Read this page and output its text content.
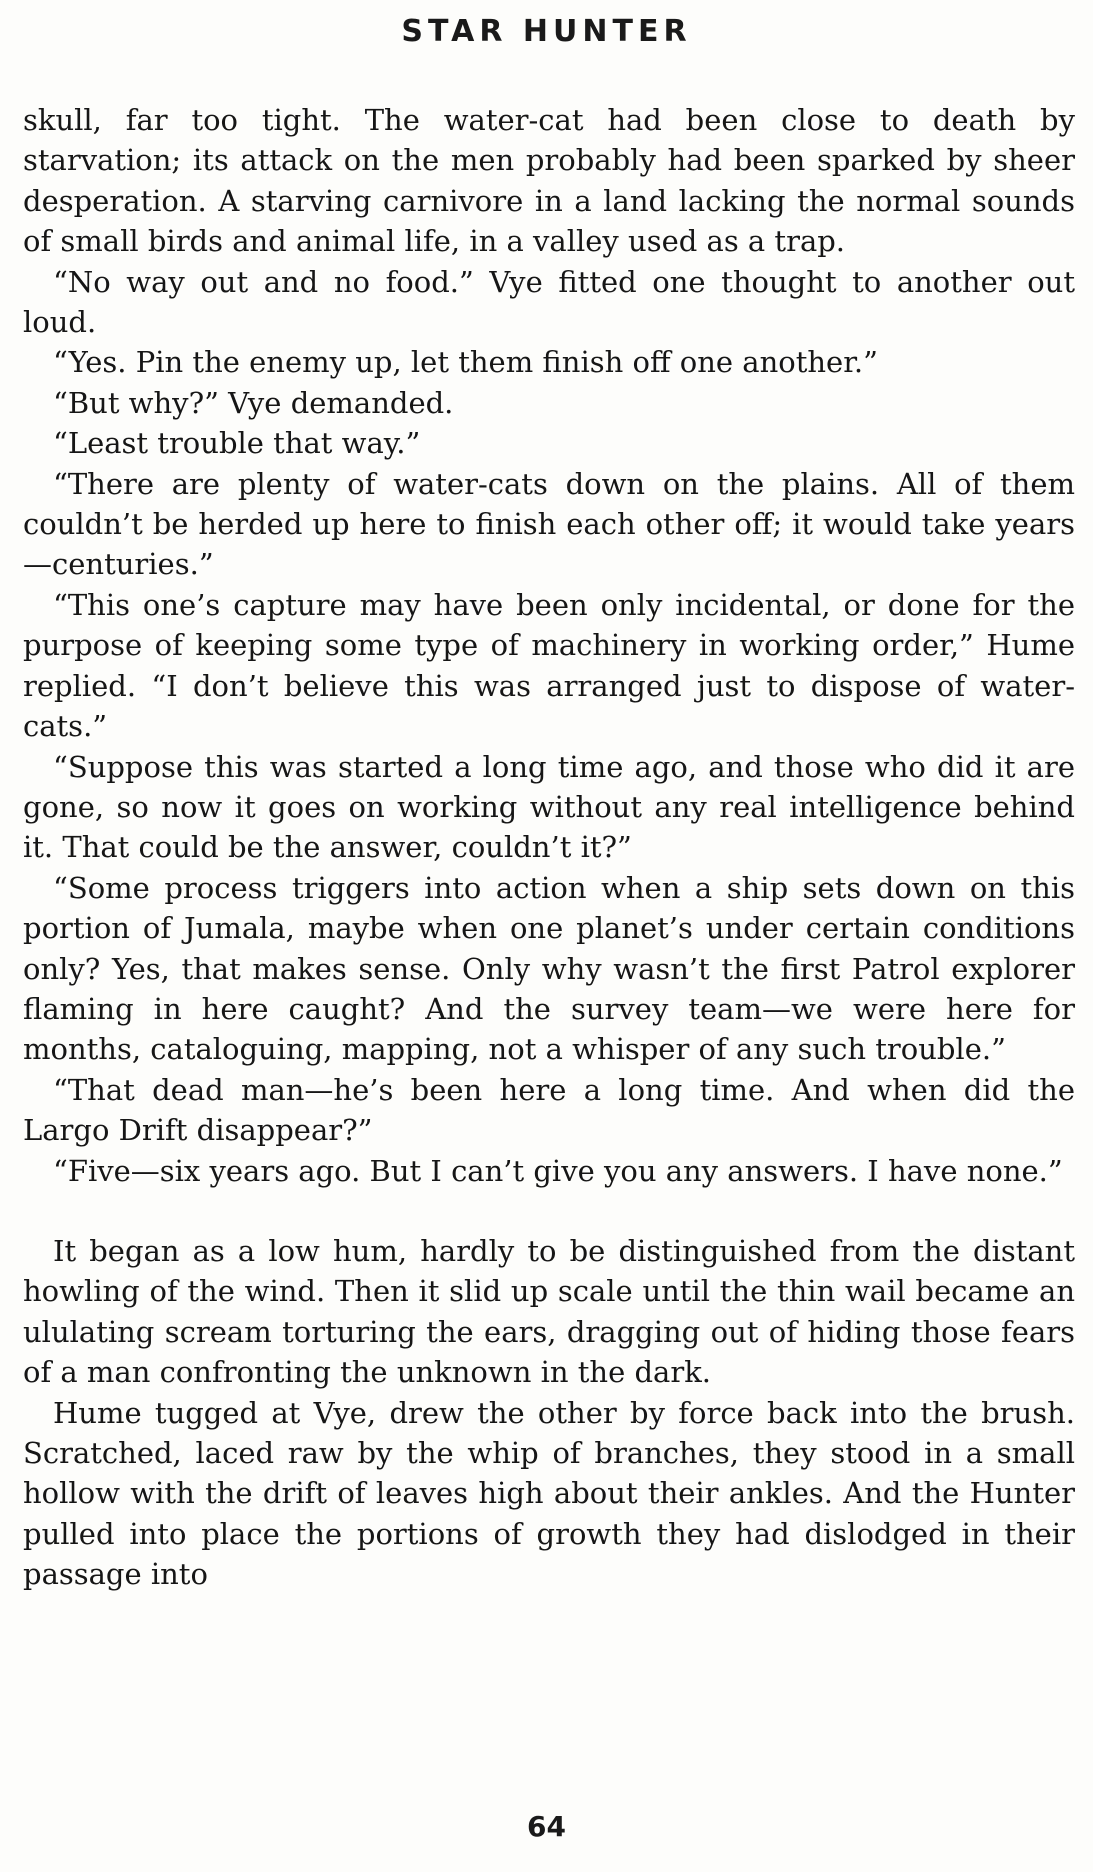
STAR HUNTER

skull, far too tight. The water-cat had been close to death by starvation; its attack on the men probably had been sparked by sheer desperation. A starving carnivore in a land lacking the normal sounds of small birds and animal life, in a valley used as a trap.

“No way out and no food.” Vye fitted one thought to another out loud.

“Yes. Pin the enemy up, let them finish off one another.”

“But why?” Vye demanded.

“Least trouble that way.”

“There are plenty of water-cats down on the plains. All of them couldn’t be herded up here to finish each other off; it would take years—centuries.”

“This one’s capture may have been only incidental, or done for the purpose of keeping some type of machinery in working order,” Hume replied. “I don’t believe this was arranged just to dispose of water-cats.”

“Suppose this was started a long time ago, and those who did it are gone, so now it goes on working without any real intelligence behind it. That could be the answer, couldn’t it?”

“Some process triggers into action when a ship sets down on this portion of Jumala, maybe when one planet’s under certain conditions only? Yes, that makes sense. Only why wasn’t the first Patrol explorer flaming in here caught? And the survey team—we were here for months, cataloguing, mapping, not a whisper of any such trouble.”

“That dead man—he’s been here a long time. And when did the Largo Drift disappear?”

“Five—six years ago. But I can’t give you any answers. I have none.”

It began as a low hum, hardly to be distinguished from the distant howling of the wind. Then it slid up scale until the thin wail became an ululating scream torturing the ears, dragging out of hiding those fears of a man confronting the unknown in the dark.

Hume tugged at Vye, drew the other by force back into the brush. Scratched, laced raw by the whip of branches, they stood in a small hollow with the drift of leaves high about their ankles. And the Hunter pulled into place the portions of growth they had dislodged in their passage into

64
